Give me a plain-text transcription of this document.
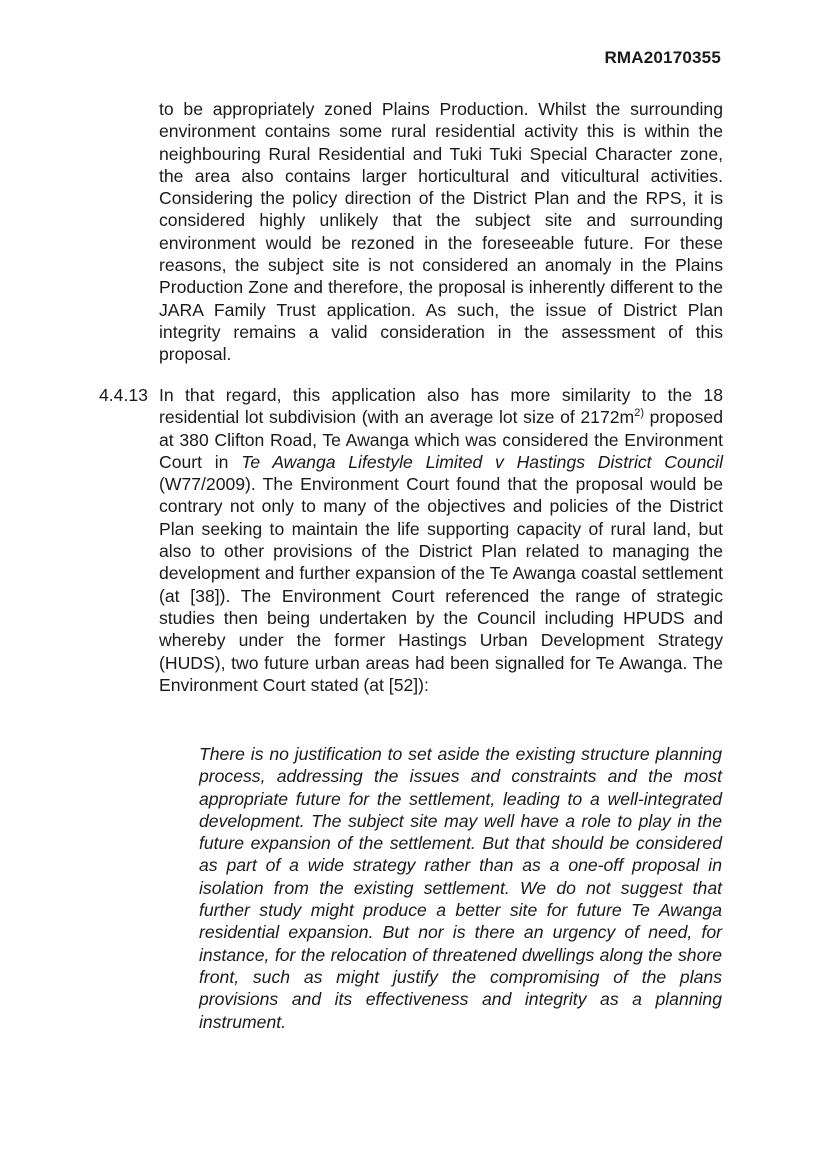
RMA20170355

to be appropriately zoned Plains Production. Whilst the surrounding environment contains some rural residential activity this is within the neighbouring Rural Residential and Tuki Tuki Special Character zone, the area also contains larger horticultural and viticultural activities. Considering the policy direction of the District Plan and the RPS, it is considered highly unlikely that the subject site and surrounding environment would be rezoned in the foreseeable future. For these reasons, the subject site is not considered an anomaly in the Plains Production Zone and therefore, the proposal is inherently different to the JARA Family Trust application. As such, the issue of District Plan integrity remains a valid consideration in the assessment of this proposal.

4.4.13 In that regard, this application also has more similarity to the 18 residential lot subdivision (with an average lot size of $2172m^{2)}$ proposed at 380 Clifton Road, Te Awanga which was considered the Environment Court in Te Awanga Lifestyle Limited v Hastings District Council (W77/2009). The Environment Court found that the proposal would be contrary not only to many of the objectives and policies of the District Plan seeking to maintain the life supporting capacity of rural land, but also to other provisions of the District Plan related to managing the development and further expansion of the Te Awanga coastal settlement (at [38]). The Environment Court referenced the range of strategic studies then being undertaken by the Council including HPUDS and whereby under the former Hastings Urban Development Strategy (HUDS), two future urban areas had been signalled for Te Awanga. The Environment Court stated (at [52]):

There is no justification to set aside the existing structure planning process, addressing the issues and constraints and the most appropriate future for the settlement, leading to a well-integrated development. The subject site may well have a role to play in the future expansion of the settlement. But that should be considered as part of a wide strategy rather than as a one-off proposal in isolation from the existing settlement. We do not suggest that further study might produce a better site for future Te Awanga residential expansion. But nor is there an urgency of need, for instance, for the relocation of threatened dwellings along the shore front, such as might justify the compromising of the plans provisions and its effectiveness and integrity as a planning instrument.
